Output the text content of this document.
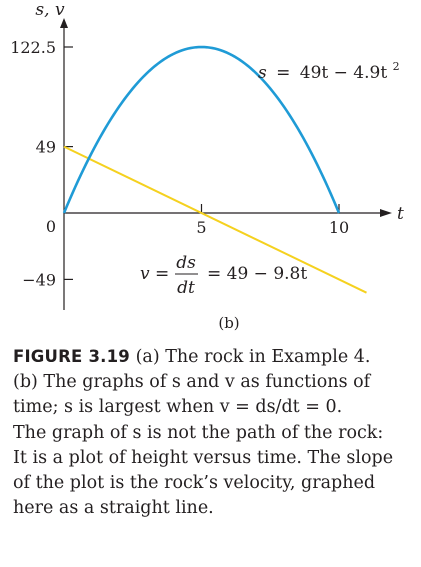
s, v
t
122.5
49
0
−49
5	10
s = 49t − 4.9t $^2$
v =
ds
dt
= 49 − 9.8t
(b)
FIGURE 3.19 (a) The rock in Example 4.
(b) The graphs of s and v as functions of
time; s is largest when v = ds/dt = 0.
The graph of s is not the path of the rock:
It is a plot of height versus time. The slope
of the plot is the rock’s velocity, graphed
here as a straight line.
